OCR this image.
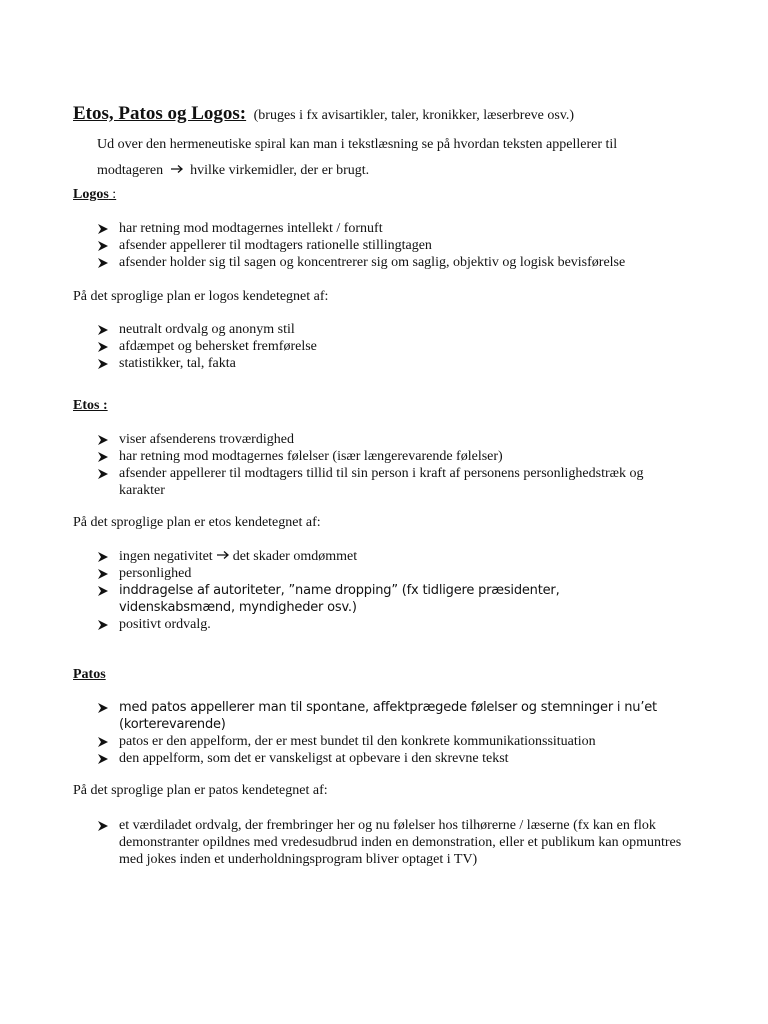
Etos, Patos og Logos: (bruges i fx avisartikler, taler, kronikker, læserbreve osv.)
Ud over den hermeneutiske spiral kan man i tekstlæsning se på hvordan teksten appellerer til
modtageren hvilke virkemidler, der er brugt.
Logos :
har retning mod modtagernes intellekt / fornuft
afsender appellerer til modtagers rationelle stillingtagen
afsender holder sig til sagen og koncentrerer sig om saglig, objektiv og logisk bevisførelse
På det sproglige plan er logos kendetegnet af:
neutralt ordvalg og anonym stil
afdæmpet og behersket fremførelse
statistikker, tal, fakta
Etos :
viser afsenderens troværdighed
har retning mod modtagernes følelser (især længerevarende følelser)
afsender appellerer til modtagers tillid til sin person i kraft af personens personlighedstræk og karakter
På det sproglige plan er etos kendetegnet af:
ingen negativitet det skader omdømmet
personlighed
inddragelse af autoriteter, ”name dropping” (fx tidligere præsidenter, videnskabsmænd, myndigheder osv.)
positivt ordvalg.
Patos
med patos appellerer man til spontane, affektprægede følelser og stemninger i nu’et (korterevarende)
patos er den appelform, der er mest bundet til den konkrete kommunikationssituation
den appelform, som det er vanskeligst at opbevare i den skrevne tekst
På det sproglige plan er patos kendetegnet af:
et værdiladet ordvalg, der frembringer her og nu følelser hos tilhørerne / læserne (fx kan en flok demonstranter opildnes med vredesudbrud inden en demonstration, eller et publikum kan opmuntres med jokes inden et underholdningsprogram bliver optaget i TV)
